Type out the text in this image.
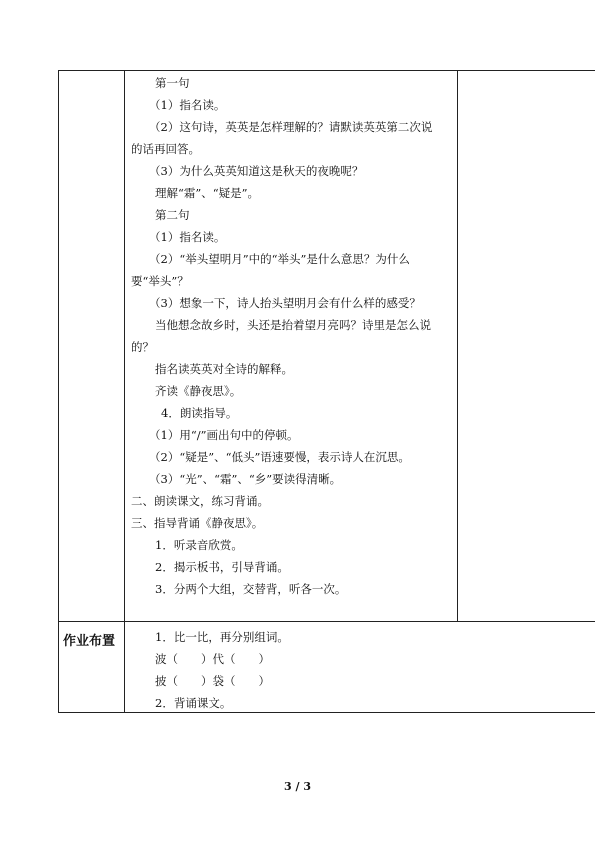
第一句
（1）指名读。
（2）这句诗，英英是怎样理解的？请默读英英第二次说
的话再回答。
（3）为什么英英知道这是秋天的夜晚呢？
理解“霜”、“疑是”。
第二句
（1）指名读。
（2）“举头望明月”中的“举头”是什么意思？为什么
要“举头”？
（3）想象一下，诗人抬头望明月会有什么样的感受？
当他想念故乡时，头还是抬着望月亮吗？诗里是怎么说
的？
指名读英英对全诗的解释。
齐读《静夜思》。
4．朗读指导。
（1）用“/”画出句中的停顿。
（2）“疑是”、“低头”语速要慢，表示诗人在沉思。
（3）“光”、“霜”、“乡”要读得清晰。
二、朗读课文，练习背诵。
三、指导背诵《静夜思》。
1．听录音欣赏。
2．揭示板书，引导背诵。
3．分两个大组，交替背，听各一次。
作业布置	1．比一比，再分别组词。
波（　　）代（　　）
披（　　）袋（　　）
2．背诵课文。
3 / 3
